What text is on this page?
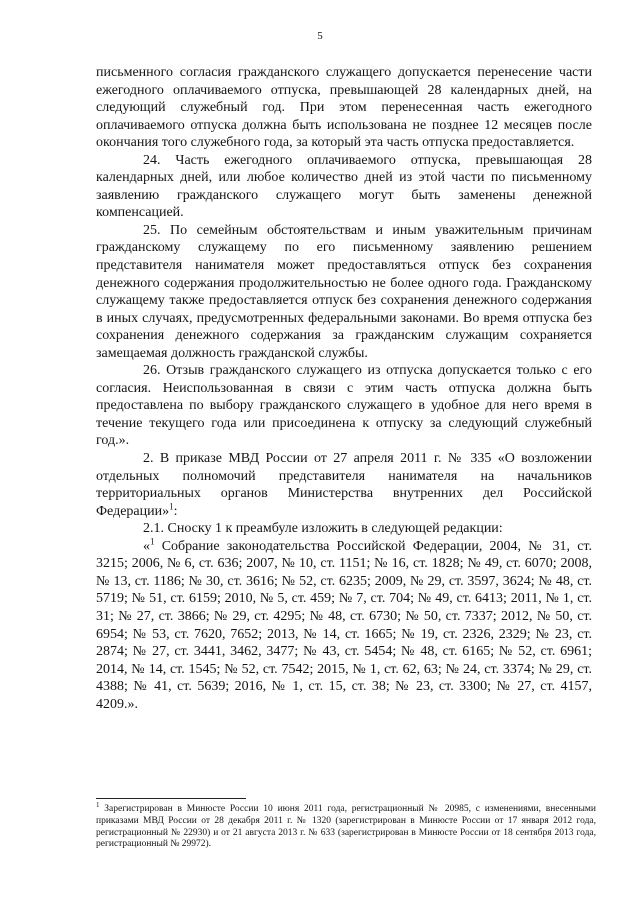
5

письменного согласия гражданского служащего допускается перенесение части ежегодного оплачиваемого отпуска, превышающей 28 календарных дней, на следующий служебный год. При этом перенесенная часть ежегодного оплачиваемого отпуска должна быть использована не позднее 12 месяцев после окончания того служебного года, за который эта часть отпуска предоставляется.

24. Часть ежегодного оплачиваемого отпуска, превышающая 28 календарных дней, или любое количество дней из этой части по письменному заявлению гражданского служащего могут быть заменены денежной компенсацией.

25. По семейным обстоятельствам и иным уважительным причинам гражданскому служащему по его письменному заявлению решением представителя нанимателя может предоставляться отпуск без сохранения денежного содержания продолжительностью не более одного года. Гражданскому служащему также предоставляется отпуск без сохранения денежного содержания в иных случаях, предусмотренных федеральными законами. Во время отпуска без сохранения денежного содержания за гражданским служащим сохраняется замещаемая должность гражданской службы.

26. Отзыв гражданского служащего из отпуска допускается только с его согласия. Неиспользованная в связи с этим часть отпуска должна быть предоставлена по выбору гражданского служащего в удобное для него время в течение текущего года или присоединена к отпуску за следующий служебный год.».

2. В приказе МВД России от 27 апреля 2011 г. № 335 «О возложении отдельных полномочий представителя нанимателя на начальников территориальных органов Министерства внутренних дел Российской Федерации»$^1$:

2.1. Сноску 1 к преамбуле изложить в следующей редакции:

«$^1$ Собрание законодательства Российской Федерации, 2004, № 31, ст. 3215; 2006, № 6, ст. 636; 2007, № 10, ст. 1151; № 16, ст. 1828; № 49, ст. 6070; 2008, № 13, ст. 1186; № 30, ст. 3616; № 52, ст. 6235; 2009, № 29, ст. 3597, 3624; № 48, ст. 5719; № 51, ст. 6159; 2010, № 5, ст. 459; № 7, ст. 704; № 49, ст. 6413; 2011, № 1, ст. 31; № 27, ст. 3866; № 29, ст. 4295; № 48, ст. 6730; № 50, ст. 7337; 2012, № 50, ст. 6954; № 53, ст. 7620, 7652; 2013, № 14, ст. 1665; № 19, ст. 2326, 2329; № 23, ст. 2874; № 27, ст. 3441, 3462, 3477; № 43, ст. 5454; № 48, ст. 6165; № 52, ст. 6961; 2014, № 14, ст. 1545; № 52, ст. 7542; 2015, № 1, ст. 62, 63; № 24, ст. 3374; № 29, ст. 4388; № 41, ст. 5639; 2016, № 1, ст. 15, ст. 38; № 23, ст. 3300; № 27, ст. 4157, 4209.».

$^1$ Зарегистрирован в Минюсте России 10 июня 2011 года, регистрационный № 20985, с изменениями, внесенными приказами МВД России от 28 декабря 2011 г. № 1320 (зарегистрирован в Минюсте России от 17 января 2012 года, регистрационный № 22930) и от 21 августа 2013 г. № 633 (зарегистрирован в Минюсте России от 18 сентября 2013 года, регистрационный № 29972).
